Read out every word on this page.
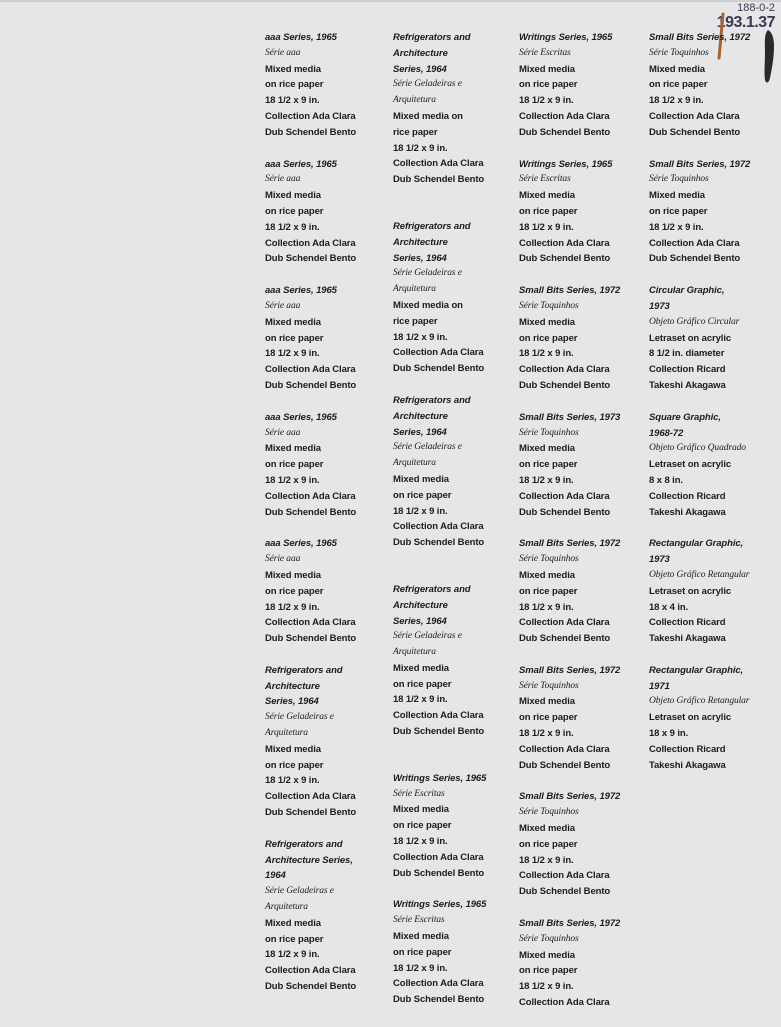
188-0-2
193.1.37
aaa Series, 1965
Série aaa
Mixed media
on rice paper
18 1/2 x 9 in.
Collection Ada Clara
Dub Schendel Bento
aaa Series, 1965
Série aaa
Mixed media
on rice paper
18 1/2 x 9 in.
Collection Ada Clara
Dub Schendel Bento
aaa Series, 1965
Série aaa
Mixed media
on rice paper
18 1/2 x 9 in.
Collection Ada Clara
Dub Schendel Bento
aaa Series, 1965
Série aaa
Mixed media
on rice paper
18 1/2 x 9 in.
Collection Ada Clara
Dub Schendel Bento
aaa Series, 1965
Série aaa
Mixed media
on rice paper
18 1/2 x 9 in.
Collection Ada Clara
Dub Schendel Bento
Refrigerators and
Architecture
Series, 1964
Série Geladeiras e
Arquitetura
Mixed media
on rice paper
18 1/2 x 9 in.
Collection Ada Clara
Dub Schendel Bento
Refrigerators and
Architecture Series,
1964
Série Geladeiras e
Arquitetura
Mixed media
on rice paper
18 1/2 x 9 in.
Collection Ada Clara
Dub Schendel Bento
Refrigerators and
Architecture
Series, 1964
Série Geladeiras e
Arquitetura
Mixed media on
rice paper
18 1/2 x 9 in.
Collection Ada Clara
Dub Schendel Bento
Refrigerators and
Architecture
Series, 1964
Série Geladeiras e
Arquitetura
Mixed media on
rice paper
18 1/2 x 9 in.
Collection Ada Clara
Dub Schendel Bento
Refrigerators and
Architecture
Series, 1964
Série Geladeiras e
Arquitetura
Mixed media
on rice paper
18 1/2 x 9 in.
Collection Ada Clara
Dub Schendel Bento
Refrigerators and
Architecture
Series, 1964
Série Geladeiras e
Arquitetura
Mixed media
on rice paper
18 1/2 x 9 in.
Collection Ada Clara
Dub Schendel Bento
Writings Series, 1965
Série Escritas
Mixed media
on rice paper
18 1/2 x 9 in.
Collection Ada Clara
Dub Schendel Bento
Writings Series, 1965
Série Escritas
Mixed media
on rice paper
18 1/2 x 9 in.
Collection Ada Clara
Dub Schendel Bento
Writings Series, 1965
Série Escritas
Mixed media
on rice paper
18 1/2 x 9 in.
Collection Ada Clara
Dub Schendel Bento
Writings Series, 1965
Série Escritas
Mixed media
on rice paper
18 1/2 x 9 in.
Collection Ada Clara
Dub Schendel Bento
Small Bits Series, 1972
Série Toquinhos
Mixed media
on rice paper
18 1/2 x 9 in.
Collection Ada Clara
Dub Schendel Bento
Small Bits Series, 1973
Série Toquinhos
Mixed media
on rice paper
18 1/2 x 9 in.
Collection Ada Clara
Dub Schendel Bento
Small Bits Series, 1972
Série Toquinhos
Mixed media
on rice paper
18 1/2 x 9 in.
Collection Ada Clara
Dub Schendel Bento
Small Bits Series, 1972
Série Toquinhos
Mixed media
on rice paper
18 1/2 x 9 in.
Collection Ada Clara
Dub Schendel Bento
Small Bits Series, 1972
Série Toquinhos
Mixed media
on rice paper
18 1/2 x 9 in.
Collection Ada Clara
Dub Schendel Bento
Small Bits Series, 1972
Série Toquinhos
Mixed media
on rice paper
18 1/2 x 9 in.
Collection Ada Clara
Small Bits Series, 1972
Série Toquinhos
Mixed media
on rice paper
18 1/2 x 9 in.
Collection Ada Clara
Dub Schendel Bento
Small Bits Series, 1972
Série Toquinhos
Mixed media
on rice paper
18 1/2 x 9 in.
Collection Ada Clara
Dub Schendel Bento
Circular Graphic,
1973
Objeto Gráfico Circular
Letraset on acrylic
8 1/2 in. diameter
Collection Ricard
Takeshi Akagawa
Square Graphic,
1968-72
Objeto Gráfico Quadrado
Letraset on acrylic
8 x 8 in.
Collection Ricard
Takeshi Akagawa
Rectangular Graphic,
1973
Objeto Gráfico Retangular
Letraset on acrylic
18 x 4 in.
Collection Ricard
Takeshi Akagawa
Rectangular Graphic,
1971
Objeto Gráfico Retangular
Letraset on acrylic
18 x 9 in.
Collection Ricard
Takeshi Akagawa
